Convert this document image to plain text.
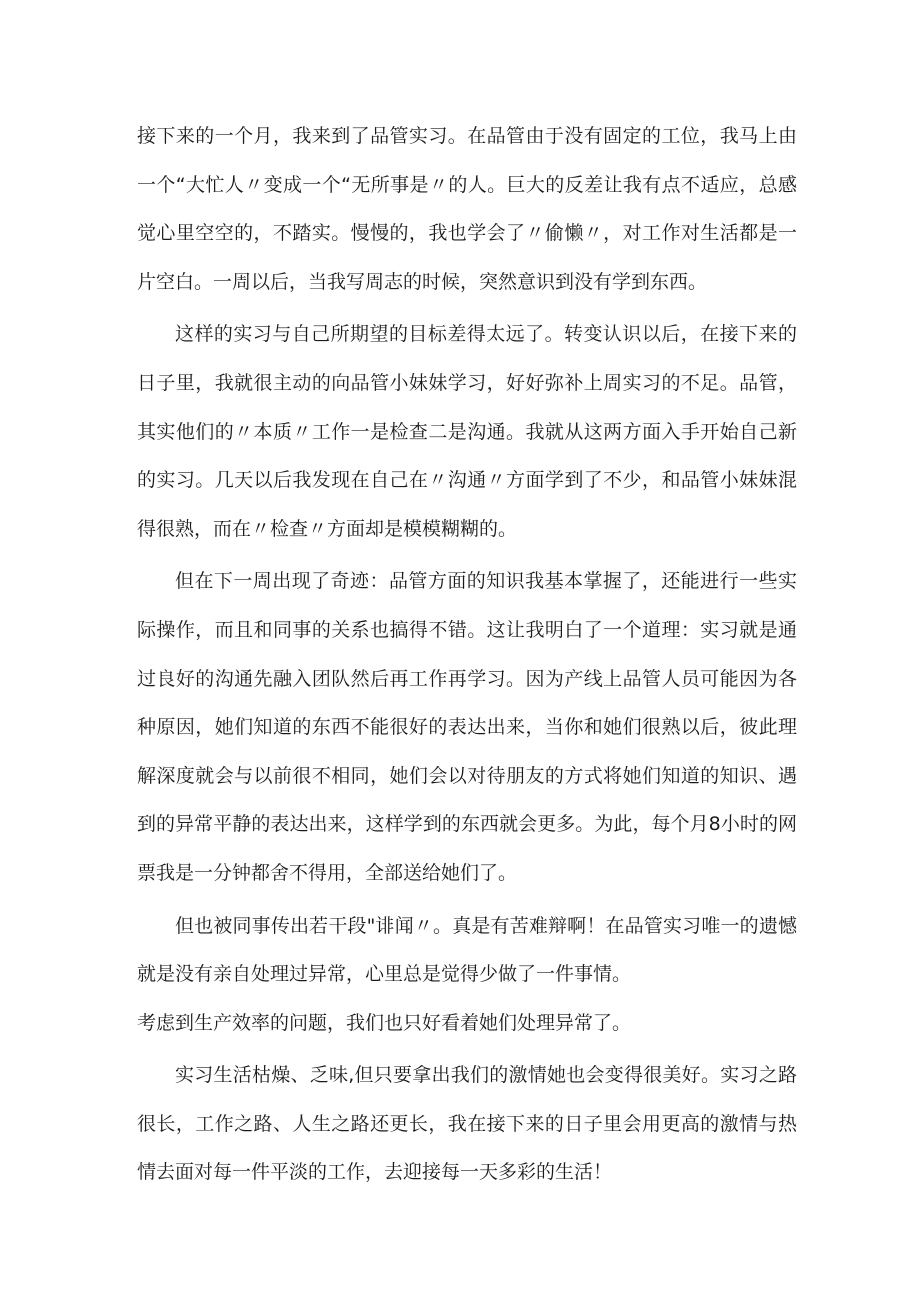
接下来的一个月，我来到了品管实习。在品管由于没有固定的工位，我马上由一个“大忙人〃变成一个“无所事是〃的人。巨大的反差让我有点不适应，总感觉心里空空的，不踏实。慢慢的，我也学会了〃偷懒〃，对工作对生活都是一片空白。一周以后，当我写周志的时候，突然意识到没有学到东西。

这样的实习与自己所期望的目标差得太远了。转变认识以后，在接下来的日子里，我就很主动的向品管小妹妹学习，好好弥补上周实习的不足。品管，其实他们的〃本质〃工作一是检查二是沟通。我就从这两方面入手开始自己新的实习。几天以后我发现在自己在〃沟通〃方面学到了不少，和品管小妹妹混得很熟，而在〃检查〃方面却是模模糊糊的。

但在下一周出现了奇迹：品管方面的知识我基本掌握了，还能进行一些实际操作，而且和同事的关系也搞得不错。这让我明白了一个道理：实习就是通过良好的沟通先融入团队然后再工作再学习。因为产线上品管人员可能因为各种原因，她们知道的东西不能很好的表达出来，当你和她们很熟以后，彼此理解深度就会与以前很不相同，她们会以对待朋友的方式将她们知道的知识、遇到的异常平静的表达出来，这样学到的东西就会更多。为此，每个月8小时的网票我是一分钟都舍不得用，全部送给她们了。

但也被同事传出若干段"诽闻〃。真是有苦难辩啊！在品管实习唯一的遗憾就是没有亲自处理过异常，心里总是觉得少做了一件事情。

考虑到生产效率的问题，我们也只好看着她们处理异常了。

实习生活枯燥、乏味,但只要拿出我们的激情她也会变得很美好。实习之路很长，工作之路、人生之路还更长，我在接下来的日子里会用更高的激情与热情去面对每一件平淡的工作，去迎接每一天多彩的生活！
